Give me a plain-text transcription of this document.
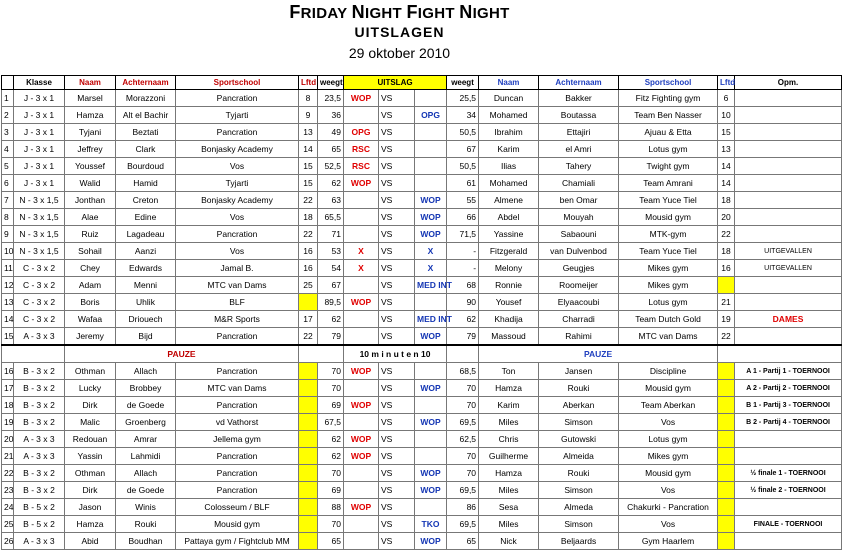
FRIDAY NIGHT FIGHT NIGHT
UITSLAGEN
29 oktober 2010
	Klasse	Naam	Achternaam	Sportschool	Lftd	weegt	UITSLAG			weegt	Naam	Achternaam	Sportschool	Lftd	Opm.
1	J - 3 x 1	Marsel	Morazzoni	Pancration	8	23,5	WOP	VS		25,5	Duncan	Bakker	Fitz Fighting gym	6	
2	J - 3 x 1	Hamza	Alt el Bachir	Tyjarti	9	36		VS	OPG	34	Mohamed	Boutassa	Team Ben Nasser	10	
3	J - 3 x 1	Tyjani	Beztati	Pancration	13	49	OPG	VS		50,5	Ibrahim	Ettajiri	Ajuau & Etta	15	
4	J - 3 x 1	Jeffrey	Clark	Bonjasky Academy	14	65	RSC	VS		67	Karim	el Amri	Lotus gym	13	
5	J - 3 x 1	Youssef	Bourdoud	Vos	15	52,5	RSC	VS		50,5	Ilias	Tahery	Twight gym	14	
6	J - 3 x 1	Walid	Hamid	Tyjarti	15	62	WOP	VS		61	Mohamed	Chamiali	Team Amrani	14	
7	N - 3 x 1,5	Jonthan	Creton	Bonjasky Academy	22	63		VS	WOP	55	Almene	ben Omar	Team Yuce Tiel	18	
8	N - 3 x 1,5	Alae	Edine	Vos	18	65,5		VS	WOP	66	Abdel	Mouyah	Mousid gym	20	
9	N - 3 x 1,5	Ruiz	Lagadeau	Pancration	22	71		VS	WOP	71,5	Yassine	Sabaouni	MTK-gym	22	
10	N - 3 x 1,5	Sohail	Aanzi	Vos	16	53	X	VS	X	-	Fitzgerald	van Dulvenbod	Team Yuce Tiel	18	UITGEVALLEN
11	C - 3 x 2	Chey	Edwards	Jamal B.	16	54	X	VS	X	-	Melony	Geugjes	Mikes gym	16	UITGEVALLEN
12	C - 3 x 2	Adam	Menni	MTC van Dams	25	67		VS	MED INT	68	Ronnie	Roomeijer	Mikes gym		
13	C - 3 x 2	Boris	Uhlik	BLF		89,5	WOP	VS		90	Yousef	Elyaacoubi	Lotus gym	21	
14	C - 3 x 2	Wafaa	Driouech	M&R Sports	17	62		VS	MED INT	62	Khadija	Charradi	Team Dutch Gold	19	DAMES
15	A - 3 x 3	Jeremy	Bijd	Pancration	22	79		VS	WOP	79	Massoud	Rahimi	MTC van Dams	22	
		PAUZE					10 m i n u t e n 10				PAUZE				
16	B - 3 x 2	Othman	Allach	Pancration		70	WOP	VS		68,5	Ton	Jansen	Discipline		A 1 - Partij 1 - TOERNOOI
17	B - 3 x 2	Lucky	Brobbey	MTC van Dams		70		VS	WOP	70	Hamza	Rouki	Mousid gym		A 2 - Partij 2 - TOERNOOI
18	B - 3 x 2	Dirk	de Goede	Pancration		69	WOP	VS		70	Karim	Aberkan	Team Aberkan		B 1 - Partij 3 - TOERNOOI
19	B - 3 x 2	Malic	Groenberg	vd Vathorst		67,5		VS	WOP	69,5	Miles	Simson	Vos		B 2 - Partij 4 - TOERNOOI
20	A - 3 x 3	Redouan	Amrar	Jellema gym		62	WOP	VS		62,5	Chris	Gutowski	Lotus gym		
21	A - 3 x 3	Yassin	Lahmidi	Pancration		62	WOP	VS		70	Guilherme	Almeida	Mikes gym		
22	B - 3 x 2	Othman	Allach	Pancration		70		VS	WOP	70	Hamza	Rouki	Mousid gym		½ finale 1 - TOERNOOI
23	B - 3 x 2	Dirk	de Goede	Pancration		69		VS	WOP	69,5	Miles	Simson	Vos		½ finale 2 - TOERNOOI
24	B - 5 x 2	Jason	Winis	Colosseum / BLF		88	WOP	VS		86	Sesa	Almeda	Chakurki - Pancration		
25	B - 5 x 2	Hamza	Rouki	Mousid gym		70		VS	TKO	69,5	Miles	Simson	Vos		FINALE - TOERNOOI
26	A - 3 x 3	Abid	Boudhan	Pattaya gym / Fightclub MM		65		VS	WOP	65	Nick	Beljaards	Gym Haarlem		
